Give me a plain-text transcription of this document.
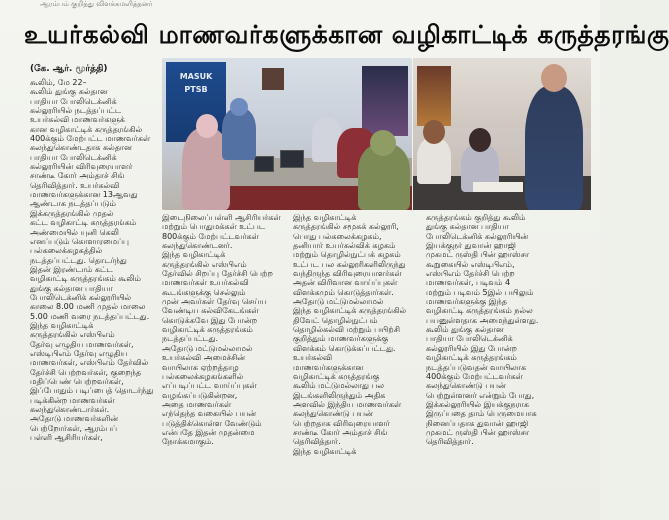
ஆரம்பம் குறித்து விளக்கமளித்தனர்
உயர்கல்வி மாணவர்களுக்கான வழிகாட்டிக் கருத்தரங்கு
(கே. ஆர். மூர்த்தி)
கூலிம், மே 22–
கூலிம் துங்கு கல்தான
பாதியா போலிடெக்னிக்
கல்லூரியில் நடத்தப்பட்ட
உயர்கல்வி மாணவர்களுக்
கான வழிகாட்டிக் கருத்தரங்கில்
400க்கும் மேற்பட்ட மாணவர்கள்
கலந்துகொண்டதாக கல்தான
பாதியா போலிடெக்னிக்
கல்லூரியின் விரிவுரையாளர்
சாண்டீ கோர் அம்தாச் சிங்
தெரிவித்தார். உயர்கல்வி
மாணவர்களுக்கான 13ஆவது
ஆண்டாக நடத்தப்படும்
இக்கருத்தரங்கில் முதல்
கட்ட வழிகாட்டி கருத்தரங்கம்
அண்மையில் யுனி கெலி
எனப்படும் கொளாரமைப்பு
பல்கலைக்கழகத்தில்
நடத்தப்பட்டது. தொடர்ந்து
இதன் இரண்டாம் கட்ட
வழிகாட்டி கருத்தரங்கம் கூலிம்
துங்கு கல்தான பாதியா
போலிடெக்னிக் கல்லூரியில்
காலை 8.00 மணி முதல் மாலை
5.00 மணி வரை நடத்தப்பட்டது.
இந்த வழிகாட்டிக்
கருத்தரங்கில் எஸ்பிஎம்
தேர்வு எழுதிய மாணவர்கள்,
எஸ்டிபிஎம் தேர்வு எழுதிய
மாணவர்கள், எஸ்பிஎம் தேர்வில்
தேர்ச்சி பெற்றவர்கள், குறைந்த
மதிப்பெண் பெற்றவர்கள்,
இப்போதும் படிப்பைத் தொடர்ந்து
படிக்கின்ற மாணவர்கள்
கலந்துகொண்டார்கள்.
அதோடு மாணவர்களின்
பெற்றோர்கள், ஆரம்பப்
பள்ளி ஆசிரியர்கள்,
MASUK
PTSB
இடைநிலைப்பள்ளி ஆசிரியர்கள்
மற்றும் பொதுமக்கள் உட்பட
800க்கும் மேற்பட்டவர்கள்
கலந்துகொண்டனர்.
இந்த வழிகாட்டிக்
கருத்தரங்கில் எஸ்பிஎம்
தேர்வில் சிறப்பு தேர்ச்சி பெற்ற
மாணவர்கள் உயர்கல்வி
கூடங்களுக்கு செல்லும்
முன் அவர்கள் தேர்வு செய்ய
வேண்டிய கல்விகேடங்கள்
கொடுக்கவே இது போன்ற
வழிகாட்டிக் கருத்தரங்கம்
நடத்தப்பட்டது.
அதோடு மட்டுமல்லாமல்
உயர்கல்வி அமைச்சின்
வாயிலாக ஏற்றத்தாழ
பல்கலைக்கழகங்களில்
எப்படிப்பட்ட வாய்ப்புகள்
வழங்கப்படுகின்றன,
அதை மாணவர்கள்
எந்தெந்த வகையில் பயன்
படுத்திக்கொள்ள வேண்டும்
என்பதே இதன் முதன்மை
நோக்கமாகும்.
இந்த வழிகாட்டிக்
கருத்தரங்கில் சமூகக் கல்லூரி,
பொது பல்கலைக்கழகம்,
தனியார் உயர்கல்விக் கழகம்
மற்றும் தொழில்நுட்பக் கழகம்
உட்பட பல கல்லூரிகளிலிருந்து
வந்திருந்த விரிவுரையாளர்கள்
அதன் விரிவான வாய்ப்புகள்
விளக்கமும் கொடுத்தார்கள்.
அதோடு மட்டுமல்லாமல்
இந்த வழிகாட்டிக் கருத்தரங்கில்
திவேட் தொழில்நுட்பம்
தொழில்கல்வி மற்றும் பயிற்சி
குறித்தும் மாணவர்களுக்கு
விளக்கம் கொடுக்கப்பட்டது.
உயர்கல்வி
மாணவர்களுக்கான
வழிகாட்டிக் கருத்தரங்கு
கூலிம் மட்டுமல்லாது பல
இடங்களிலிருந்தும் அதிக
அளவில் இந்திய மாணவர்கள்
கலந்துகொண்டு பயன்
பெற்றதாக விரிவுரையாளர்
சாண்டீ கோர் அம்தாச் சிங்
தெரிவித்தார்.
இந்த வழிகாட்டிக்
கருத்தரங்கம் குறித்து கூலிம்
துங்கு கல்தான பாதியா
போலிடெக்னிக் கல்லூரியின்
இயக்குநர் துவான் ஹாஜி
முகமட் ருஸ்தி பின் ஹாஸ்சா
கூறுகையில் எஸ்டிபிஎம்,
எஸ்பிஎம் தேர்ச்சி பெற்ற
மாணவர்கள், படிவம் 4
மற்றும் படிவம் 5இல் பயிலும்
மாணவர்களுக்கு இந்த
வழிகாட்டி கருத்தரங்கம் நல்ல
பயனுள்ளதாக அமைந்துள்ளது.
கூலிம் துங்கு கல்தான
பாதியா போலிடெக்னிக்
கல்லூரியில் இது போன்ற
வழிகாட்டிக் கருத்தரங்கம்
நடத்தப்படுவதன் வாயிலாக
400க்கும் மேற்பட்டவர்கள்
கலந்துகொண்டு பயன்
பெற்றுள்ளனர் என்றும் போது,
இக்கல்லூரியில் இயக்குநராக
இருப்பதை தாம் பெருமையாக
நினைப்பதாக துவான் ஹாஜி
முகமட் ருஸ்தி பின் ஹாஸ்சா
தெரிவித்தார்.
